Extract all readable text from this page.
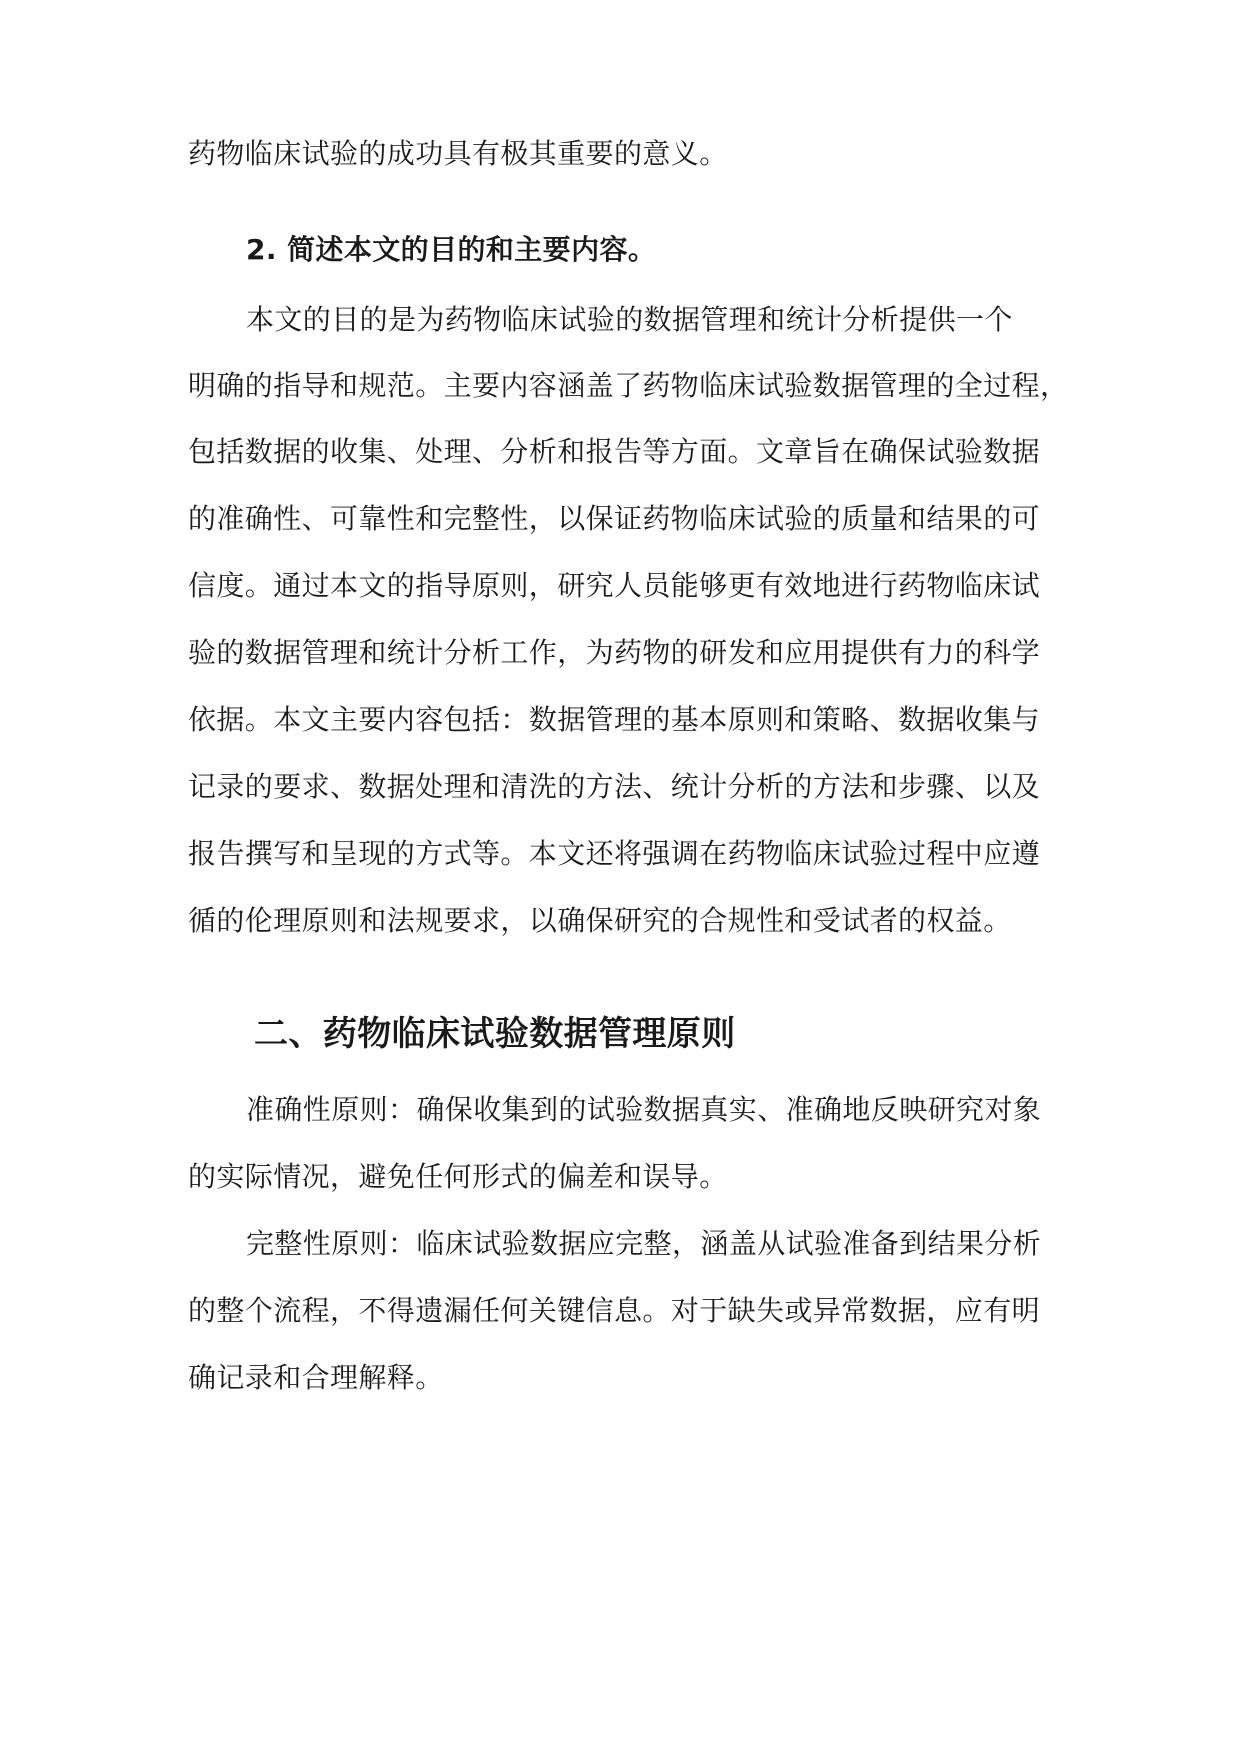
药物临床试验的成功具有极其重要的意义。
2. 简述本文的目的和主要内容。
本文的目的是为药物临床试验的数据管理和统计分析提供一个
明确的指导和规范。主要内容涵盖了药物临床试验数据管理的全过程，
包括数据的收集、处理、分析和报告等方面。文章旨在确保试验数据
的准确性、可靠性和完整性，以保证药物临床试验的质量和结果的可
信度。通过本文的指导原则，研究人员能够更有效地进行药物临床试
验的数据管理和统计分析工作，为药物的研发和应用提供有力的科学
依据。本文主要内容包括：数据管理的基本原则和策略、数据收集与
记录的要求、数据处理和清洗的方法、统计分析的方法和步骤、以及
报告撰写和呈现的方式等。本文还将强调在药物临床试验过程中应遵
循的伦理原则和法规要求，以确保研究的合规性和受试者的权益。
二、药物临床试验数据管理原则
准确性原则：确保收集到的试验数据真实、准确地反映研究对象
的实际情况，避免任何形式的偏差和误导。
完整性原则：临床试验数据应完整，涵盖从试验准备到结果分析
的整个流程，不得遗漏任何关键信息。对于缺失或异常数据，应有明
确记录和合理解释。
